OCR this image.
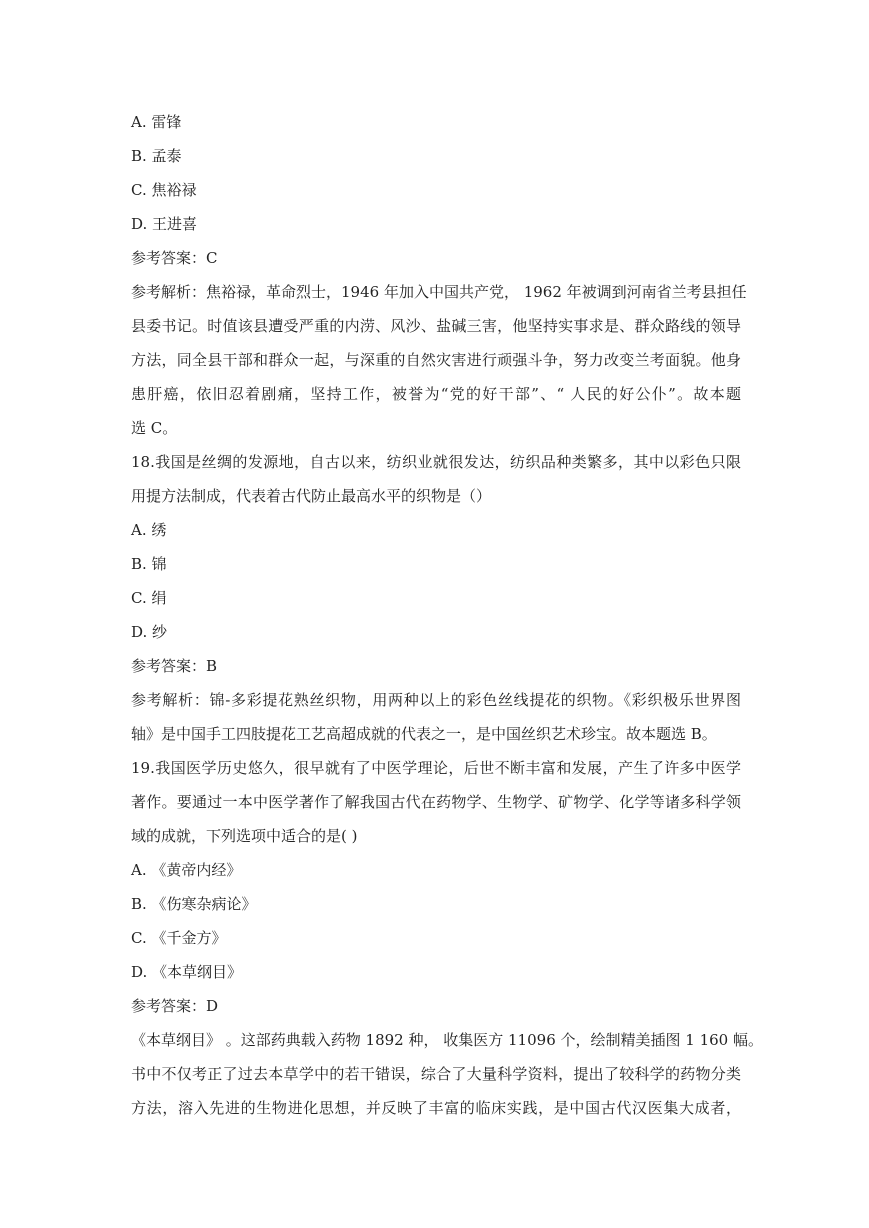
A. 雷锋
B. 孟泰
C. 焦裕禄
D. 王进喜
参考答案：C
参考解析：焦裕禄，革命烈士，1946 年加入中国共产党， 1962 年被调到河南省兰考县担任
县委书记。时值该县遭受严重的内涝、风沙、盐碱三害，他坚持实事求是、群众路线的领导
方法，同全县干部和群众一起，与深重的自然灾害进行顽强斗争，努力改变兰考面貌。他身
患肝癌，依旧忍着剧痛，坚持工作，被誉为“党的好干部”、“ 人民的好公仆”。故本题
选 C。
18.我国是丝绸的发源地，自古以来，纺织业就很发达，纺织品种类繁多，其中以彩色只限
用提方法制成，代表着古代防止最高水平的织物是（）
A. 绣
B. 锦
C. 绢
D. 纱
参考答案：B
参考解析：锦-多彩提花熟丝织物，用两种以上的彩色丝线提花的织物。《彩织极乐世界图
轴》是中国手工四肢提花工艺高超成就的代表之一，是中国丝织艺术珍宝。故本题选 B。
19.我国医学历史悠久，很早就有了中医学理论，后世不断丰富和发展，产生了许多中医学
著作。要通过一本中医学著作了解我国古代在药物学、生物学、矿物学、化学等诸多科学领
域的成就，下列选项中适合的是( )
A. 《黄帝内经》
B. 《伤寒杂病论》
C. 《千金方》
D. 《本草纲目》
参考答案：D
《本草纲目》 。这部药典载入药物 1892 种， 收集医方 11096 个，绘制精美插图 1 160 幅。
书中不仅考正了过去本草学中的若干错误，综合了大量科学资料，提出了较科学的药物分类
方法，溶入先进的生物进化思想，并反映了丰富的临床实践，是中国古代汉医集大成者，
